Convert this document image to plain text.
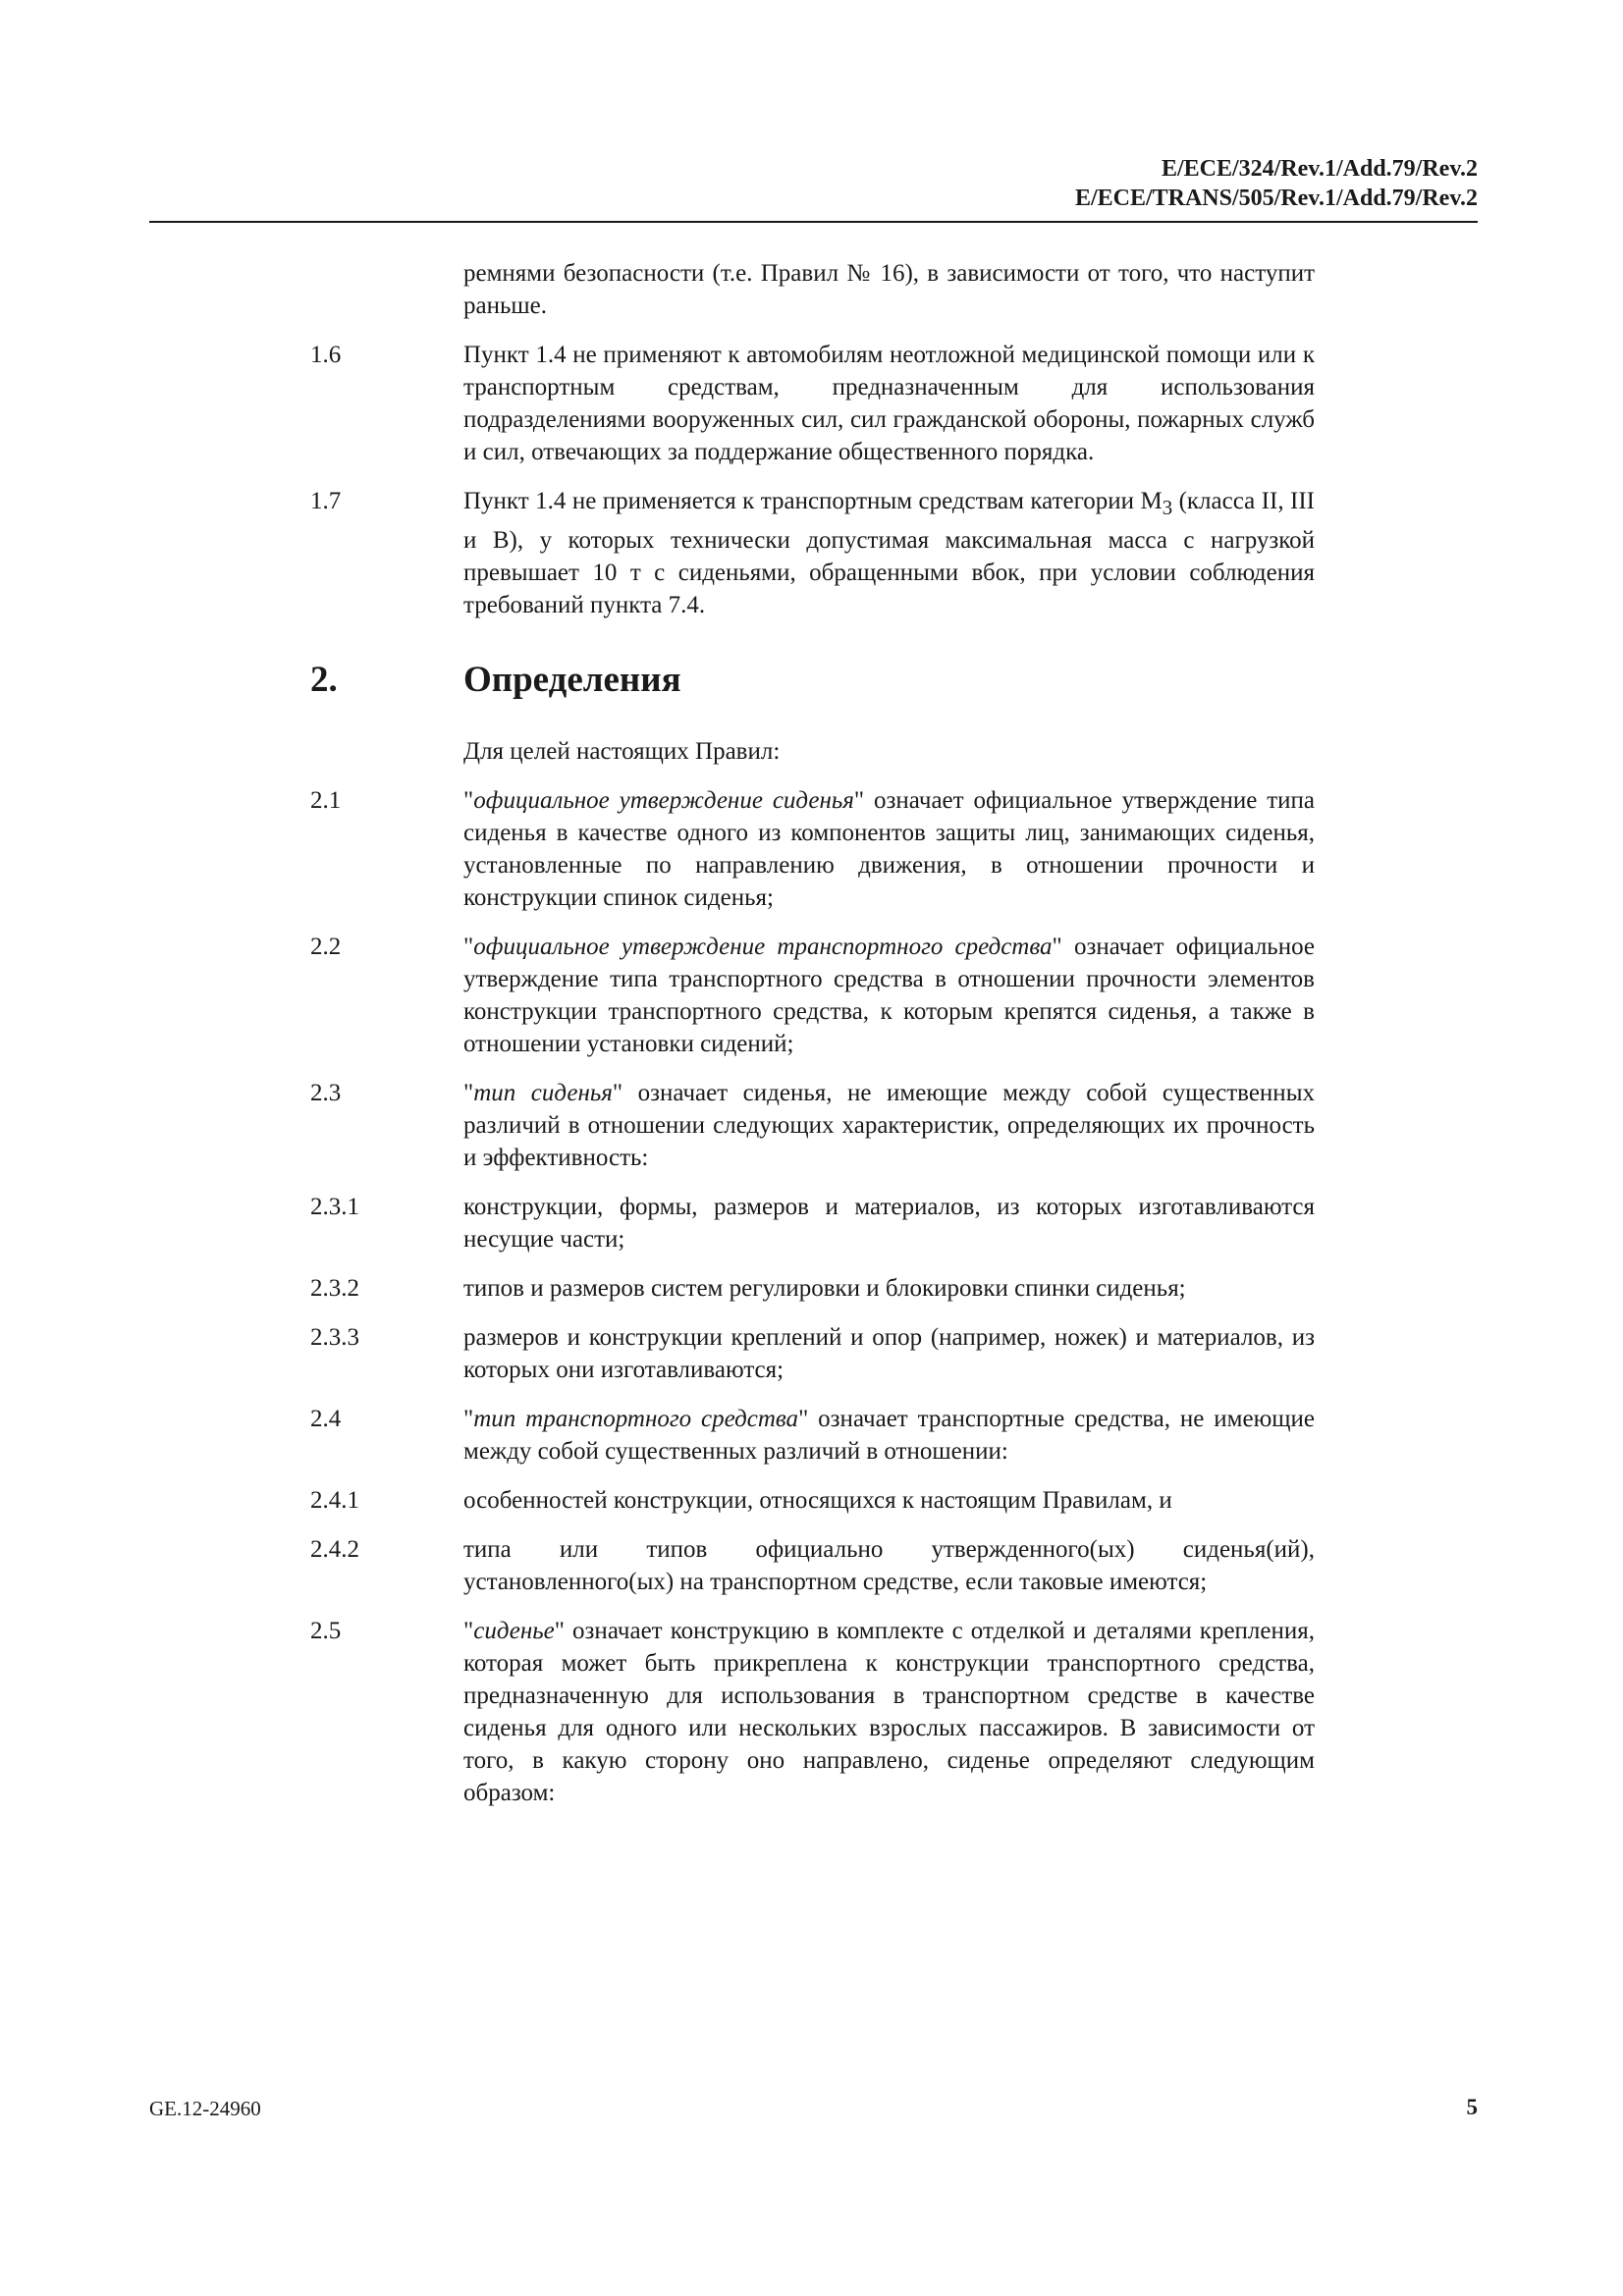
E/ECE/324/Rev.1/Add.79/Rev.2
E/ECE/TRANS/505/Rev.1/Add.79/Rev.2
ремнями безопасности (т.е. Правил № 16), в зависимости от того, что наступит раньше.
1.6	Пункт 1.4 не применяют к автомобилям неотложной медицинской помощи или к транспортным средствам, предназначенным для использования подразделениями вооруженных сил, сил гражданской обороны, пожарных служб и сил, отвечающих за поддержание общественного порядка.
1.7	Пункт 1.4 не применяется к транспортным средствам категории $M_3$ (класса II, III и B), у которых технически допустимая максимальная масса с нагрузкой превышает 10 т с сиденьями, обращенными вбок, при условии соблюдения требований пункта 7.4.
2.	Определения
Для целей настоящих Правил:
2.1	"официальное утверждение сиденья" означает официальное утверждение типа сиденья в качестве одного из компонентов защиты лиц, занимающих сиденья, установленные по направлению движения, в отношении прочности и конструкции спинок сиденья;
2.2	"официальное утверждение транспортного средства" означает официальное утверждение типа транспортного средства в отношении прочности элементов конструкции транспортного средства, к которым крепятся сиденья, а также в отношении установки сидений;
2.3	"тип сиденья" означает сиденья, не имеющие между собой существенных различий в отношении следующих характеристик, определяющих их прочность и эффективность:
2.3.1	конструкции, формы, размеров и материалов, из которых изготавливаются несущие части;
2.3.2	типов и размеров систем регулировки и блокировки спинки сиденья;
2.3.3	размеров и конструкции креплений и опор (например, ножек) и материалов, из которых они изготавливаются;
2.4	"тип транспортного средства" означает транспортные средства, не имеющие между собой существенных различий в отношении:
2.4.1	особенностей конструкции, относящихся к настоящим Правилам, и
2.4.2	типа или типов официально утвержденного(ых) сиденья(ий), установленного(ых) на транспортном средстве, если таковые имеются;
2.5	"сиденье" означает конструкцию в комплекте с отделкой и деталями крепления, которая может быть прикреплена к конструкции транспортного средства, предназначенную для использования в транспортном средстве в качестве сиденья для одного или нескольких взрослых пассажиров. В зависимости от того, в какую сторону оно направлено, сиденье определяют следующим образом:
GE.12-24960	5
